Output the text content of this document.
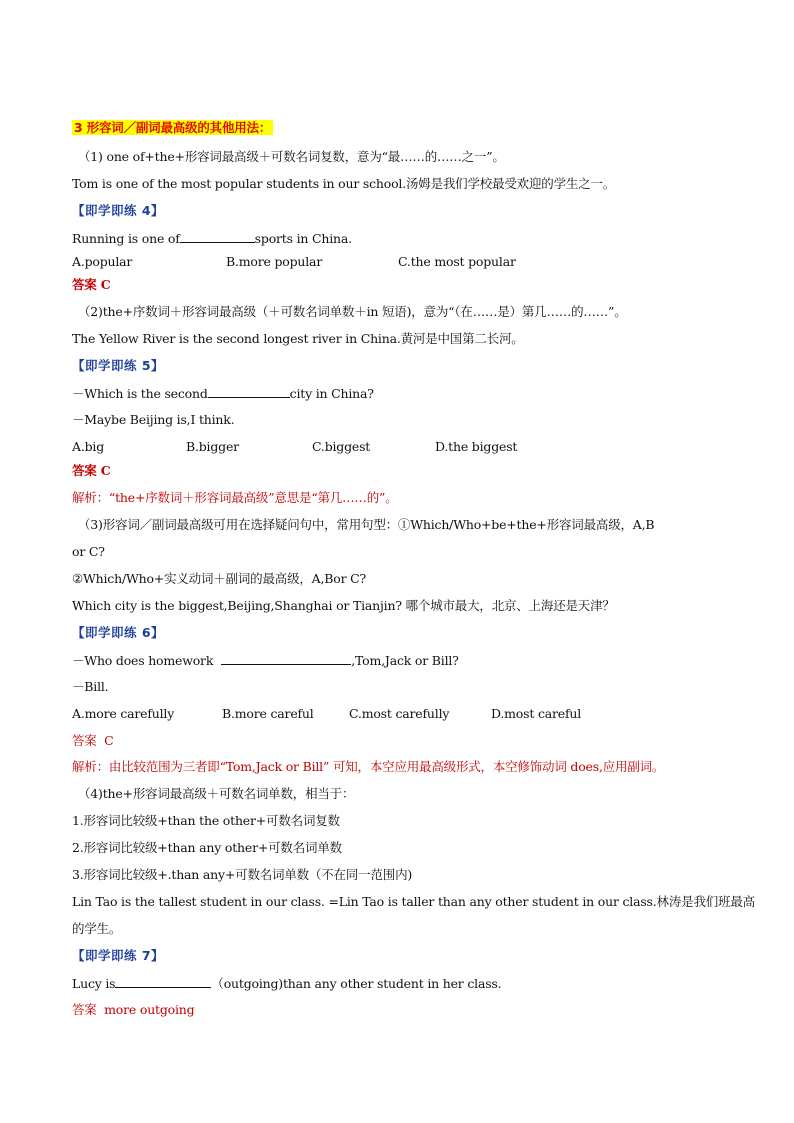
3 形容词／副词最高级的其他用法：
（1) one of+the+形容词最高级＋可数名词复数，意为“最……的……之一”。
Tom is one of the most popular students in our school.汤姆是我们学校最受欢迎的学生之一。
【即学即练 4】
Running is one of	sports in China.
A.popular	B.more popular	C.the most popular
答案 C
（2)the+序数词＋形容词最高级（＋可数名词单数＋in 短语)，意为“（在……是）第几……的……”。
The Yellow River is the second longest river in China.黄河是中国第二长河。
【即学即练 5】
－Which is the second	city in China?
－Maybe Beijing is,I think.
A.big	B.bigger	C.biggest	D.the biggest
答案 C
解析：“the+序数词＋形容词最高级”意思是“第几……的”。
（3)形容词／副词最高级可用在选择疑问句中，常用句型：①Which/Who+be+the+形容词最高级，A,B
or C?
②Which/Who+实义动词＋副词的最高级，A,Bor C?
Which city is the biggest,Beijing,Shanghai or Tianjin? 哪个城市最大，北京、上海还是天津？
【即学即练 6】
－Who does homework	,Tom,Jack or Bill?
－Bill.
A.more carefully	B.more careful	C.most carefully	D.most careful
答案 C
解析：由比较范围为三者即“Tom,Jack or Bill” 可知，本空应用最高级形式，本空修饰动词 does,应用副词。
（4)the+形容词最高级＋可数名词单数，相当于：
1.形容词比较级+than the other+可数名词复数
2.形容词比较级+than any other+可数名词单数
3.形容词比较级+.than any+可数名词单数（不在同一范围内)
Lin Tao is the tallest student in our class. =Lin Tao is taller than any other student in our class.林涛是我们班最高
的学生。
【即学即练 7】
Lucy is	（outgoing)than any other student in her class.
答案 more outgoing
